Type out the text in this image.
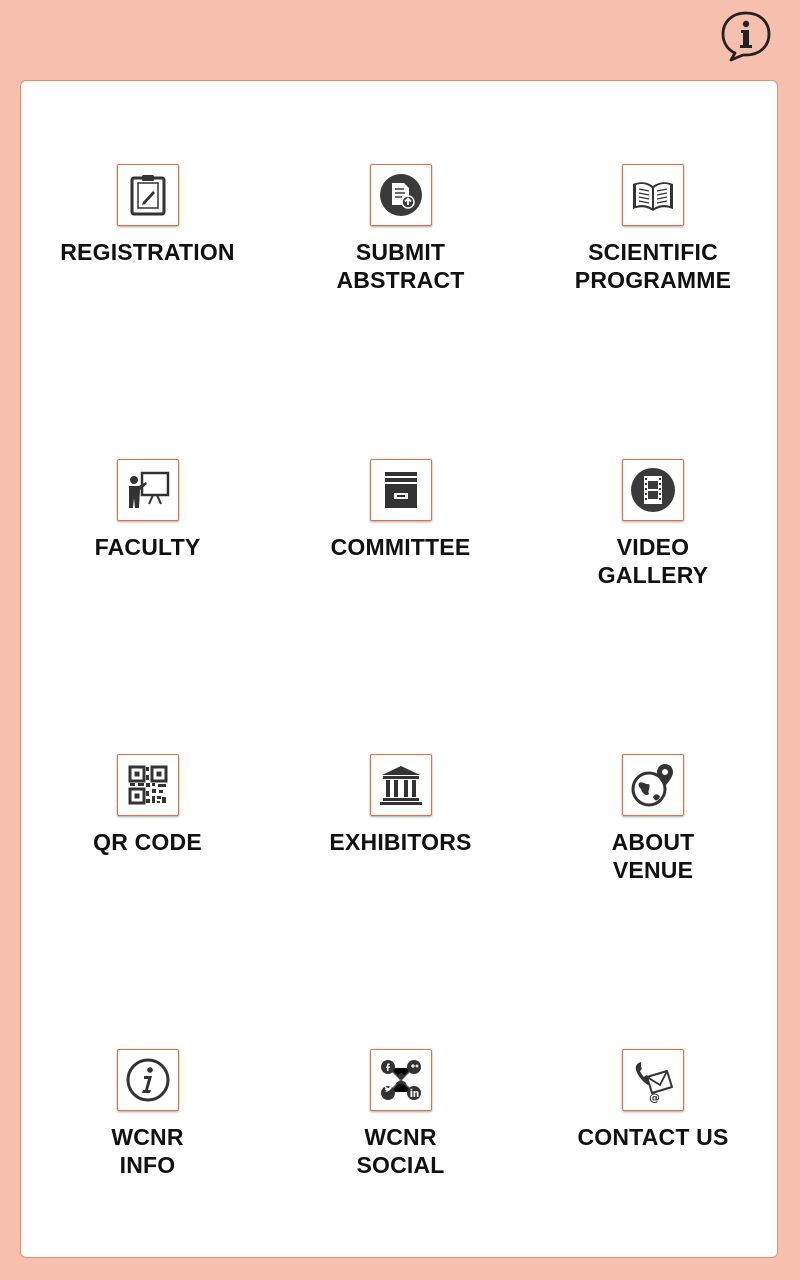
REGISTRATION	SUBMIT
ABSTRACT
SCIENTIFIC
PROGRAMME
FACULTY	COMMITTEE	VIDEO
GALLERY
QR CODE	EXHIBITORS	ABOUT
VENUE
WCNR
INFO
WCNR
SOCIAL
@
CONTACT US
